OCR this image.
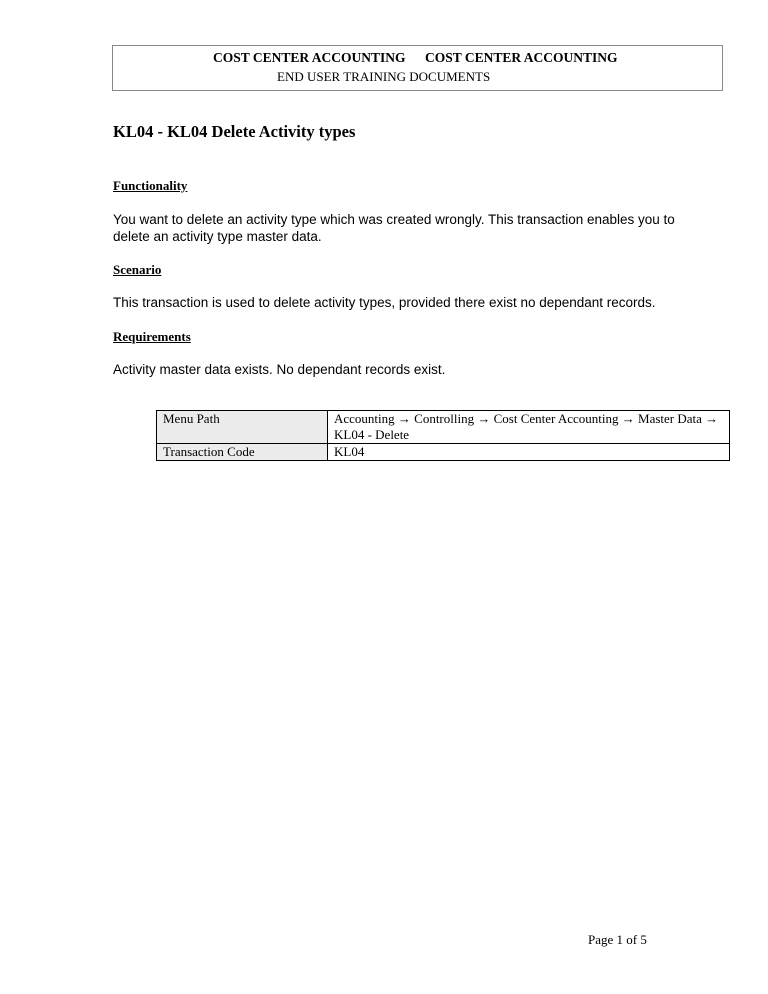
COST CENTER ACCOUNTING COST CENTER ACCOUNTING
END USER TRAINING DOCUMENTS
KL04 - KL04 Delete Activity types
Functionality
You want to delete an activity type which was created wrongly. This transaction enables you to delete an activity type master data.
Scenario
This transaction is used to delete activity types, provided there exist no dependant records.
Requirements
Activity master data exists. No dependant records exist.
Menu Path	Accounting → Controlling → Cost Center Accounting → Master Data → KL04 - Delete
Transaction Code	KL04
Page 1 of 5
